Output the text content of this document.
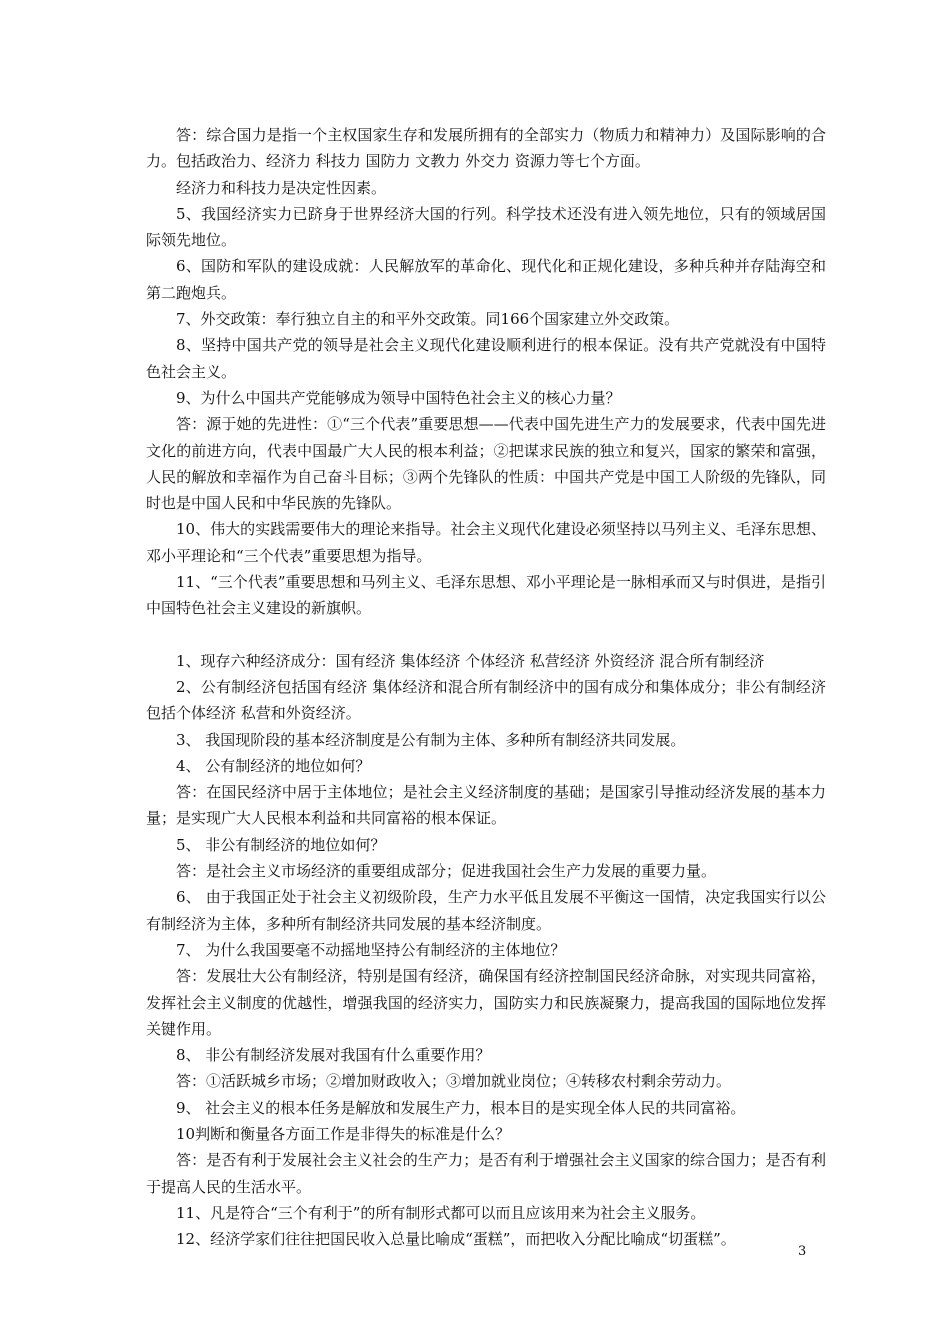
答：综合国力是指一个主权国家生存和发展所拥有的全部实力（物质力和精神力）及国际影响的合力。包括政治力、经济力 科技力 国防力 文教力 外交力 资源力等七个方面。

经济力和科技力是决定性因素。

5、我国经济实力已跻身于世界经济大国的行列。科学技术还没有进入领先地位，只有的领域居国际领先地位。

6、国防和军队的建设成就：人民解放军的革命化、现代化和正规化建设，多种兵种并存陆海空和第二跑炮兵。

7、外交政策：奉行独立自主的和平外交政策。同166个国家建立外交政策。

8、坚持中国共产党的领导是社会主义现代化建设顺利进行的根本保证。没有共产党就没有中国特色社会主义。

9、为什么中国共产党能够成为领导中国特色社会主义的核心力量？

答：源于她的先进性：①“三个代表”重要思想——代表中国先进生产力的发展要求，代表中国先进文化的前进方向，代表中国最广大人民的根本利益；②把谋求民族的独立和复兴，国家的繁荣和富强，人民的解放和幸福作为自己奋斗目标；③两个先锋队的性质：中国共产党是中国工人阶级的先锋队，同时也是中国人民和中华民族的先锋队。

10、伟大的实践需要伟大的理论来指导。社会主义现代化建设必须坚持以马列主义、毛泽东思想、邓小平理论和“三个代表”重要思想为指导。

11、“三个代表”重要思想和马列主义、毛泽东思想、邓小平理论是一脉相承而又与时俱进，是指引中国特色社会主义建设的新旗帜。

1、现存六种经济成分：国有经济 集体经济 个体经济 私营经济 外资经济 混合所有制经济

2、公有制经济包括国有经济 集体经济和混合所有制经济中的国有成分和集体成分；非公有制经济包括个体经济 私营和外资经济。

3、 我国现阶段的基本经济制度是公有制为主体、多种所有制经济共同发展。

4、 公有制经济的地位如何？

答：在国民经济中居于主体地位；是社会主义经济制度的基础；是国家引导推动经济发展的基本力量；是实现广大人民根本利益和共同富裕的根本保证。

5、 非公有制经济的地位如何？

答：是社会主义市场经济的重要组成部分；促进我国社会生产力发展的重要力量。

6、 由于我国正处于社会主义初级阶段，生产力水平低且发展不平衡这一国情，决定我国实行以公有制经济为主体，多种所有制经济共同发展的基本经济制度。

7、 为什么我国要毫不动摇地坚持公有制经济的主体地位？

答：发展壮大公有制经济，特别是国有经济，确保国有经济控制国民经济命脉，对实现共同富裕，发挥社会主义制度的优越性，增强我国的经济实力，国防实力和民族凝聚力，提高我国的国际地位发挥关键作用。

8、 非公有制经济发展对我国有什么重要作用？

答：①活跃城乡市场；②增加财政收入；③增加就业岗位；④转移农村剩余劳动力。

9、 社会主义的根本任务是解放和发展生产力，根本目的是实现全体人民的共同富裕。

10判断和衡量各方面工作是非得失的标准是什么？

答：是否有利于发展社会主义社会的生产力；是否有利于增强社会主义国家的综合国力；是否有利于提高人民的生活水平。

11、凡是符合“三个有利于”的所有制形式都可以而且应该用来为社会主义服务。

12、经济学家们往往把国民收入总量比喻成“蛋糕”，而把收入分配比喻成“切蛋糕”。

3
